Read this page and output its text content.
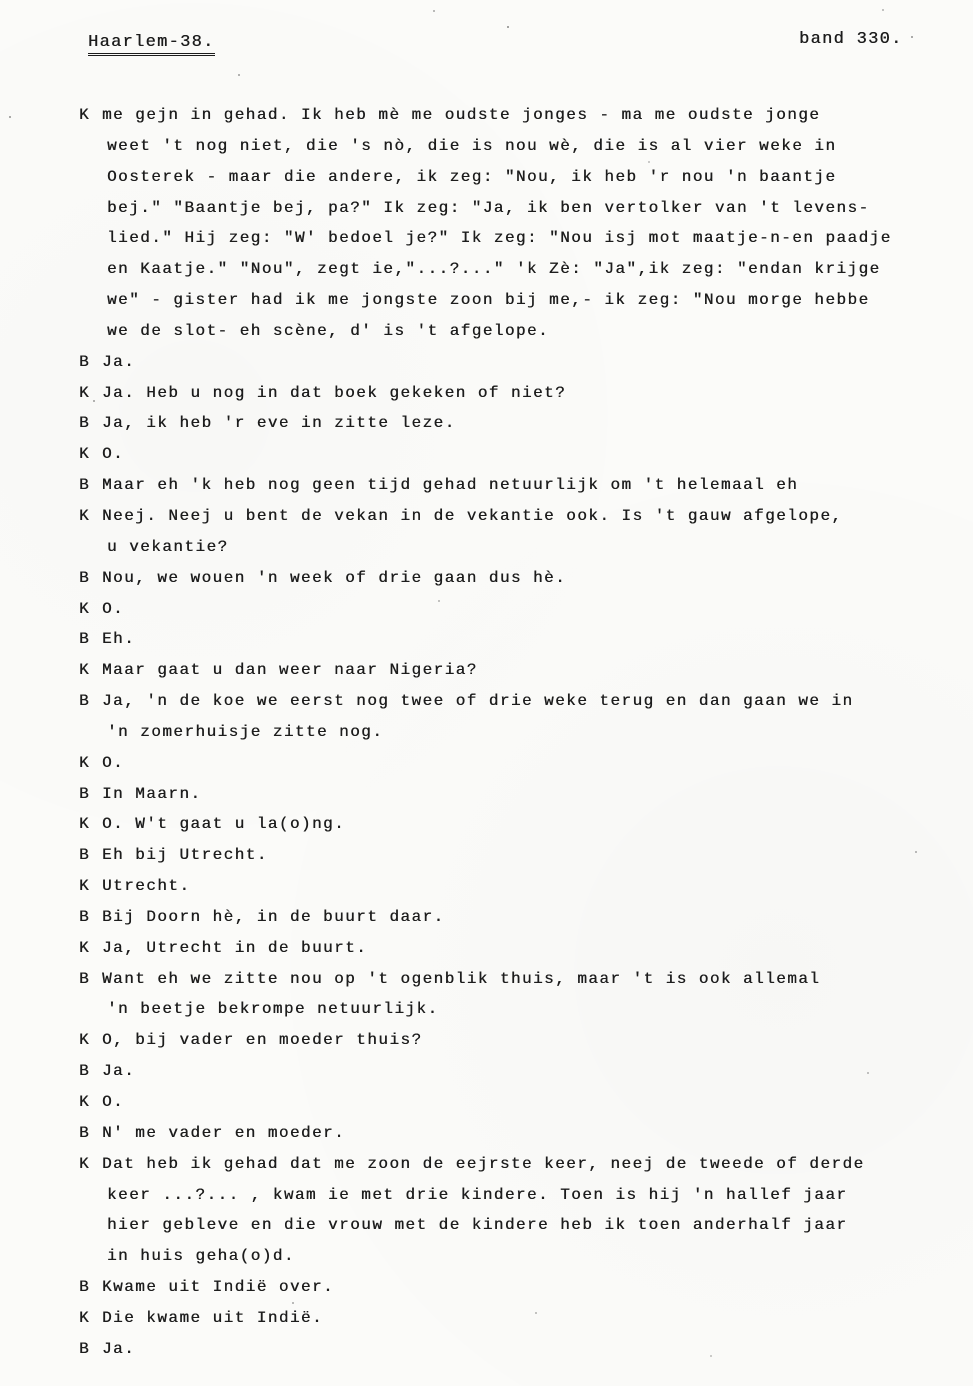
Haarlem-38.	band 330.
K me gejn in gehad. Ik heb mè me oudste jonges - ma me oudste jonge
weet 't nog niet, die 's nò, die is nou wè, die is al vier weke in
Oosterek - maar die andere, ik zeg: "Nou, ik heb 'r nou 'n baantje
bej." "Baantje bej, pa?" Ik zeg: "Ja, ik ben vertolker van 't levens-
lied." Hij zeg: "W' bedoel je?" Ik zeg: "Nou isj mot maatje-n-en paadje
en Kaatje." "Nou", zegt ie,"...?..." 'k Zè: "Ja",ik zeg: "endan krijge
we" - gister had ik me jongste zoon bij me,- ik zeg: "Nou morge hebbe
we de slot- eh scène, d' is 't afgelope.
B Ja.
K Ja. Heb u nog in dat boek gekeken of niet?
B Ja, ik heb 'r eve in zitte leze.
K O.
B Maar eh 'k heb nog geen tijd gehad netuurlijk om 't helemaal eh
K Neej. Neej u bent de vekan in de vekantie ook. Is 't gauw afgelope,
u vekantie?
B Nou, we wouen 'n week of drie gaan dus hè.
K O.
B Eh.
K Maar gaat u dan weer naar Nigeria?
B Ja, 'n de koe we eerst nog twee of drie weke terug en dan gaan we in
'n zomerhuisje zitte nog.
K O.
B In Maarn.
K O. W't gaat u la(o)ng.
B Eh bij Utrecht.
K Utrecht.
B Bij Doorn hè, in de buurt daar.
K Ja, Utrecht in de buurt.
B Want eh we zitte nou op 't ogenblik thuis, maar 't is ook allemal
'n beetje bekrompe netuurlijk.
K O, bij vader en moeder thuis?
B Ja.
K O.
B N' me vader en moeder.
K Dat heb ik gehad dat me zoon de eejrste keer, neej de tweede of derde
keer ...?... , kwam ie met drie kindere. Toen is hij 'n hallef jaar
hier gebleve en die vrouw met de kindere heb ik toen anderhalf jaar
in huis geha(o)d.
B Kwame uit Indië over.
K Die kwame uit Indië.
B Ja.
